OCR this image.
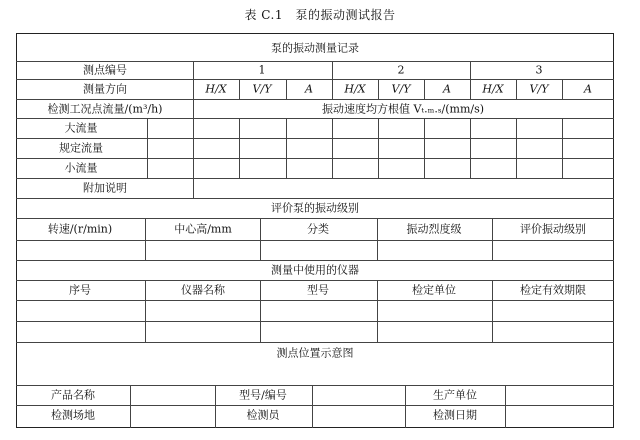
表 C.1　泵的振动测试报告
泵的振动测量记录
测点编号	1	2	3
测量方向	H/X V/Y	A	H/X V/Y	A	H/X V/Y	A
检测工况点流量/(m³/h)	振动速度均方根值 Vₜ.ₘ.ₛ/(mm/s)
大流量
规定流量
小流量
附加说明
评价泵的振动级别
转速/(r/min)	中心高/mm	分类	振动烈度级	评价振动级别
测量中使用的仪器
序号	仪器名称	型号	检定单位	检定有效期限
测点位置示意图
产品名称	型号/编号	生产单位
检测场地	检测员	检测日期
